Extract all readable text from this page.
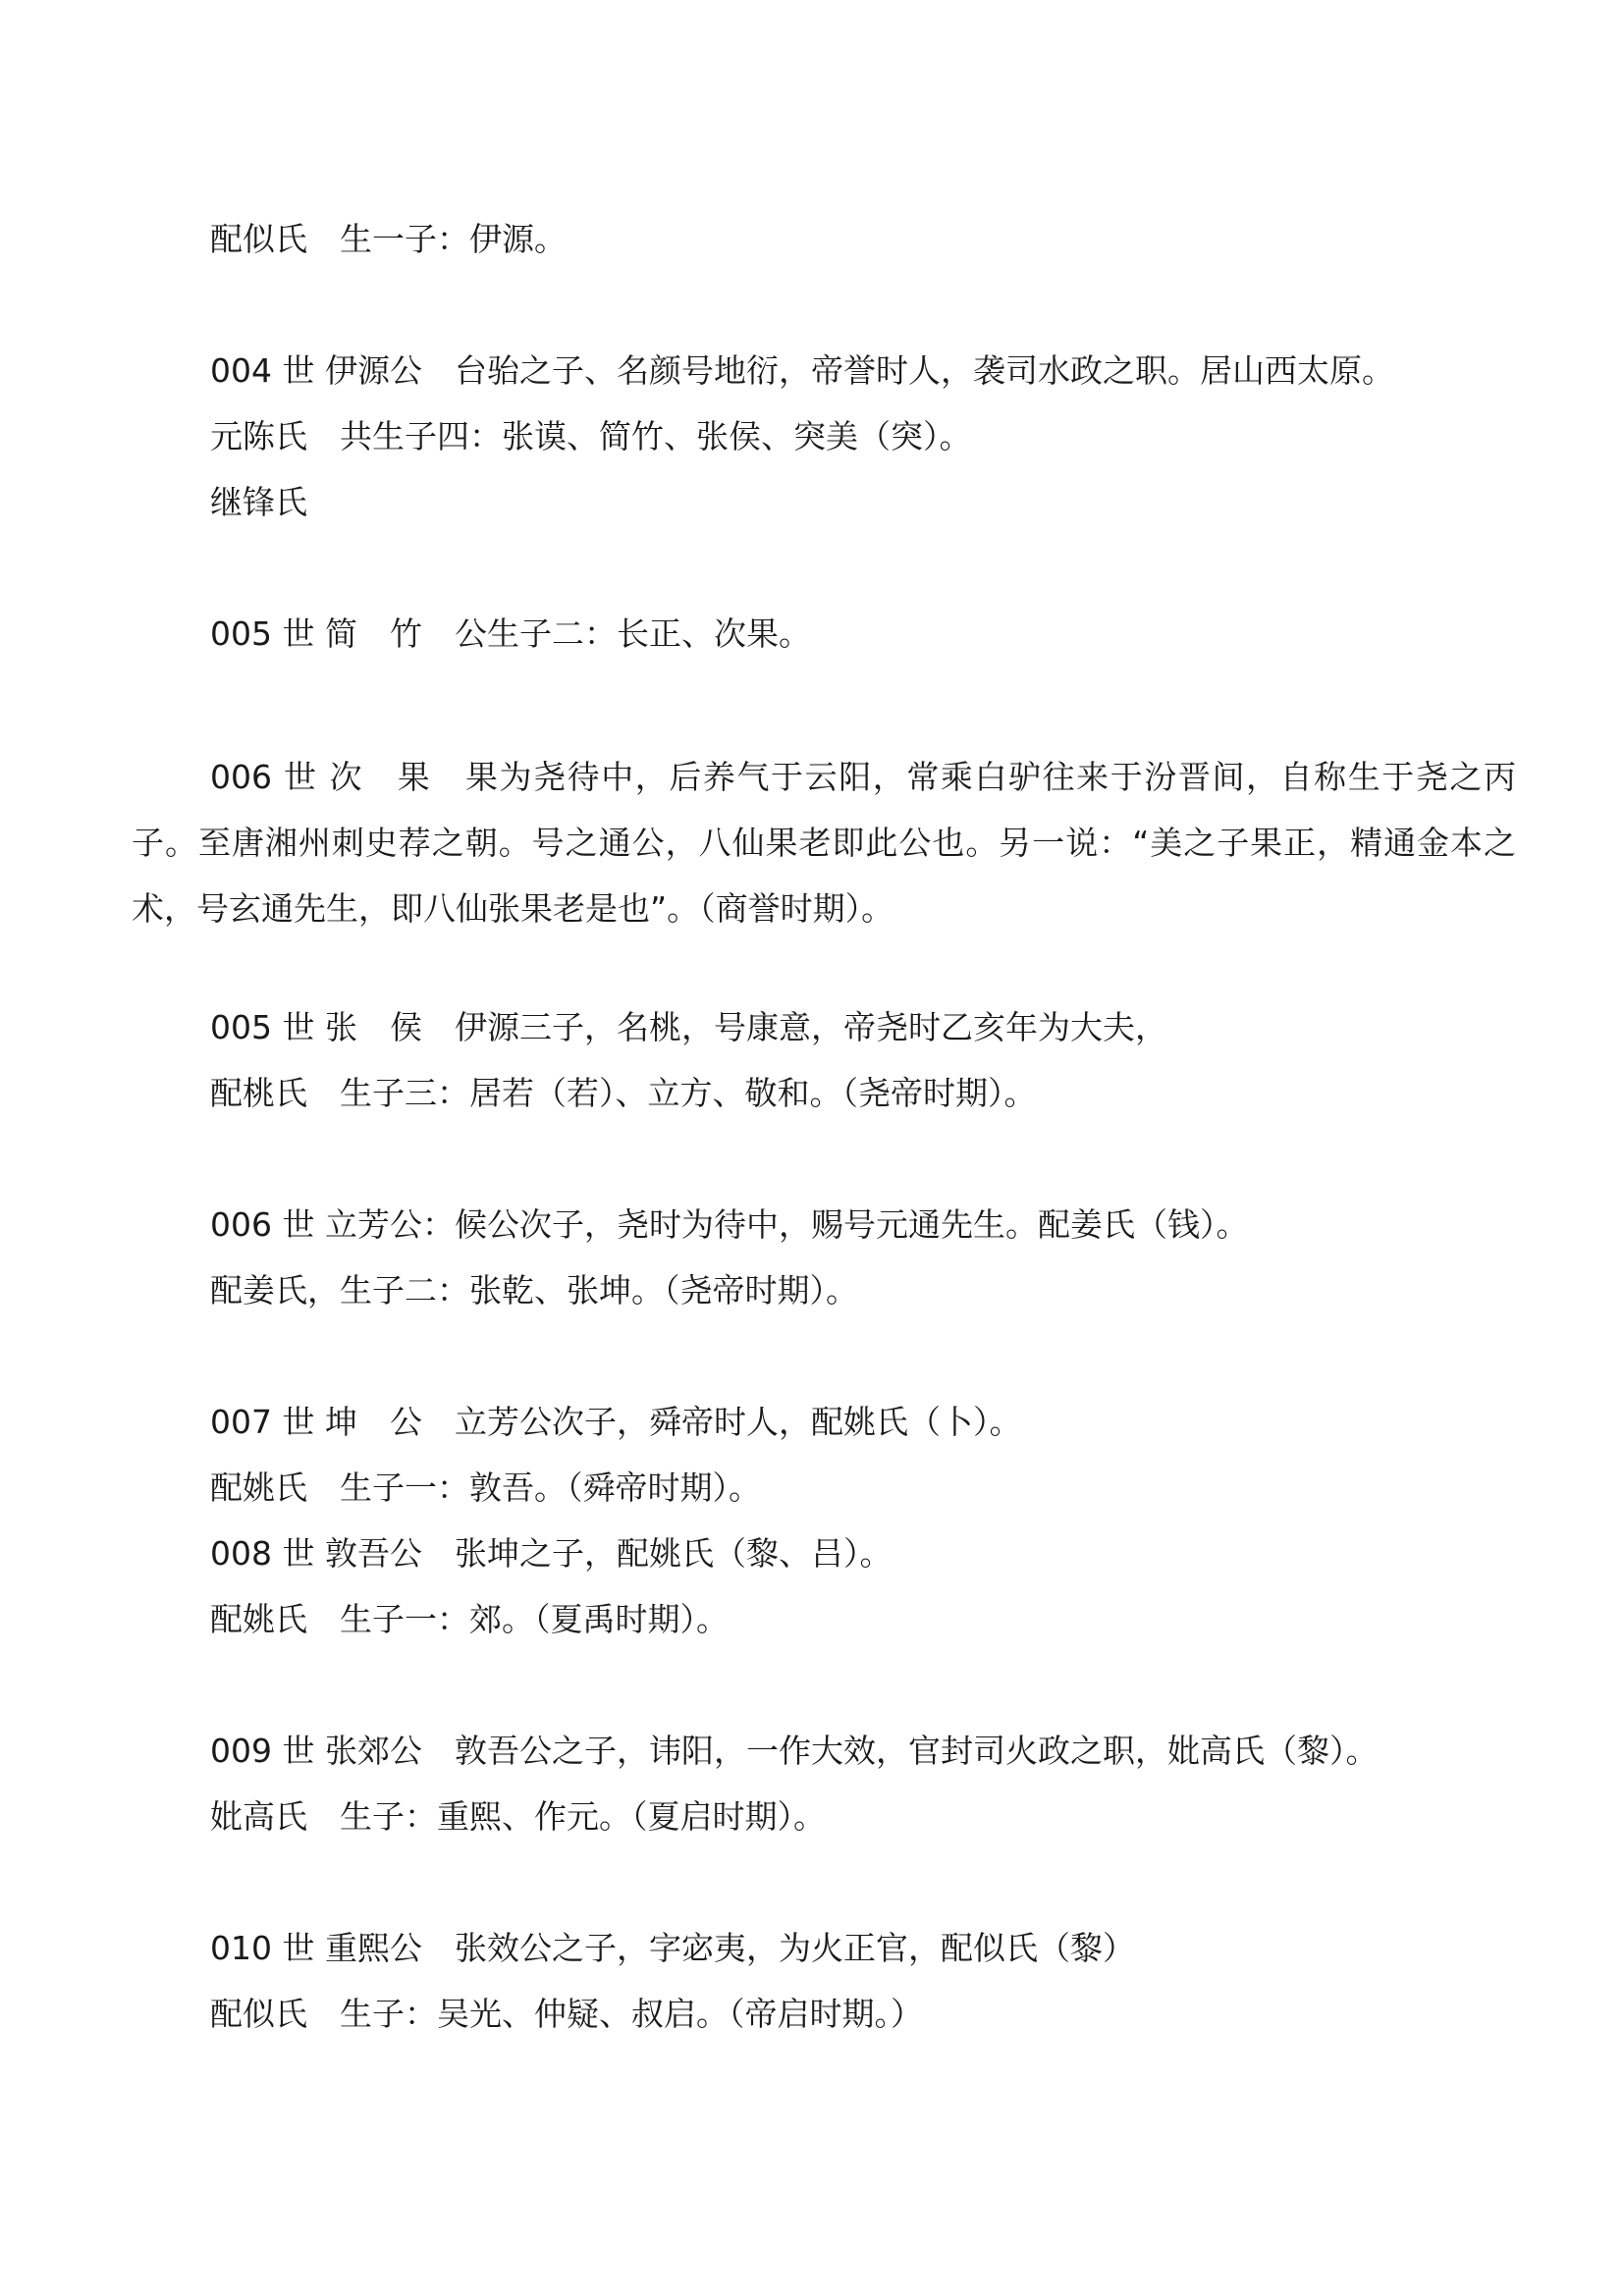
配似氏　生一子：伊源。

004 世 伊源公　台骀之子、名颜号地衍，帝誉时人，袭司水政之职。居山西太原。

元陈氏　共生子四：张谟、简竹、张侯、突美（突）。

继锋氏

005 世 简　竹　公生子二：长正、次果。

006 世 次　果　果为尧待中，后养气于云阳，常乘白驴往来于汾晋间，自称生于尧之丙子。至唐湘州刺史荐之朝。号之通公，八仙果老即此公也。另一说：“美之子果正，精通金本之术，号玄通先生，即八仙张果老是也”。（商誉时期）。

005 世 张　侯　伊源三子，名桃，号康意，帝尧时乙亥年为大夫，

配桃氏　生子三：居若（若）、立方、敬和。（尧帝时期）。

006 世 立芳公：候公次子，尧时为待中，赐号元通先生。配姜氏（钱）。

配姜氏，生子二：张乾、张坤。（尧帝时期）。

007 世 坤　公　立芳公次子，舜帝时人，配姚氏（卜）。

配姚氏　生子一：敦吾。（舜帝时期）。

008 世 敦吾公　张坤之子，配姚氏（黎、吕）。

配姚氏　生子一：郊。（夏禹时期）。

009 世 张郊公　敦吾公之子，讳阳，一作大效，官封司火政之职，妣高氏（黎）。

妣高氏　生子：重熙、作元。（夏启时期）。

010 世 重熙公　张效公之子，字宓夷，为火正官，配似氏（黎）

配似氏　生子：吴光、仲疑、叔启。（帝启时期。）
